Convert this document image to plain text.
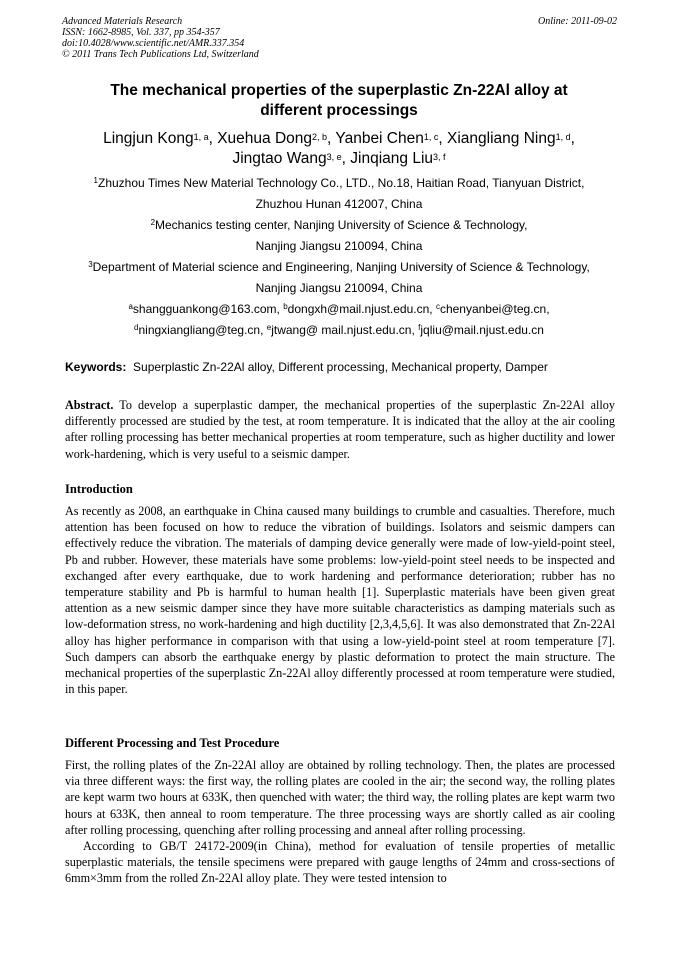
Advanced Materials Research
ISSN: 1662-8985, Vol. 337, pp 354-357
doi:10.4028/www.scientific.net/AMR.337.354
© 2011 Trans Tech Publications Ltd, Switzerland
Online: 2011-09-02
The mechanical properties of the superplastic Zn-22Al alloy at
different processings
Lingjun Kong$^{1, a}$, Xuehua Dong$^{2, b}$, Yanbei Chen$^{1, c}$, Xiangliang Ning$^{1, d}$,
Jingtao Wang$^{3, e}$, Jinqiang Liu$^{3, f}$
$^1$Zhuzhou Times New Material Technology Co., LTD., No.18, Haitian Road, Tianyuan District,
Zhuzhou Hunan 412007, China
$^2$Mechanics testing center, Nanjing University of Science & Technology,
Nanjing Jiangsu 210094, China
$^3$Department of Material science and Engineering, Nanjing University of Science & Technology,
Nanjing Jiangsu 210094, China
$^a$shangguankong@163.com, $^b$dongxh@mail.njust.edu.cn, $^c$chenyanbei@teg.cn,
$^d$ningxiangliang@teg.cn, $^e$jtwang@ mail.njust.edu.cn, $^f$jqliu@mail.njust.edu.cn
Keywords: Superplastic Zn-22Al alloy, Different processing, Mechanical property, Damper

Abstract. To develop a superplastic damper, the mechanical properties of the superplastic Zn-22Al alloy differently processed are studied by the test, at room temperature. It is indicated that the alloy at the air cooling after rolling processing has better mechanical properties at room temperature, such as higher ductility and lower work-hardening, which is very useful to a seismic damper.

Introduction

As recently as 2008, an earthquake in China caused many buildings to crumble and casualties. Therefore, much attention has been focused on how to reduce the vibration of buildings. Isolators and seismic dampers can effectively reduce the vibration. The materials of damping device generally were made of low-yield-point steel, Pb and rubber. However, these materials have some problems: low-yield-point steel needs to be inspected and exchanged after every earthquake, due to work hardening and performance deterioration; rubber has no temperature stability and Pb is harmful to human health [1]. Superplastic materials have been given great attention as a new seismic damper since they have more suitable characteristics as damping materials such as low-deformation stress, no work-hardening and high ductility [2,3,4,5,6]. It was also demonstrated that Zn-22Al alloy has higher performance in comparison with that using a low-yield-point steel at room temperature [7]. Such dampers can absorb the earthquake energy by plastic deformation to protect the main structure. The mechanical properties of the superplastic Zn-22Al alloy differently processed at room temperature were studied, in this paper.

Different Processing and Test Procedure

First, the rolling plates of the Zn-22Al alloy are obtained by rolling technology. Then, the plates are processed via three different ways: the first way, the rolling plates are cooled in the air; the second way, the rolling plates are kept warm two hours at 633K, then quenched with water; the third way, the rolling plates are kept warm two hours at 633K, then anneal to room temperature. The three processing ways are shortly called as air cooling after rolling processing, quenching after rolling processing and anneal after rolling processing.

According to GB/T 24172-2009(in China), method for evaluation of tensile properties of metallic superplastic materials, the tensile specimens were prepared with gauge lengths of 24mm and cross-sections of 6mm×3mm from the rolled Zn-22Al alloy plate. They were tested intension to
